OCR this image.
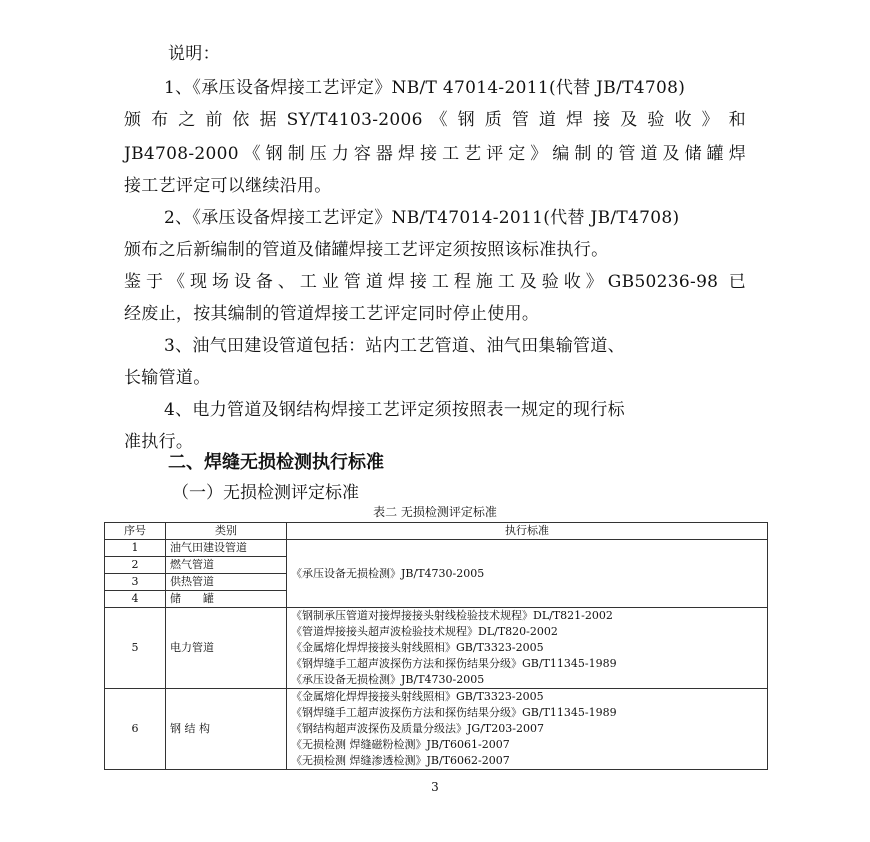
说明：
1、《承压设备焊接工艺评定》NB/T 47014-2011(代替 JB/T4708)
颁 布 之 前 依 据 SY/T4103-2006 《 钢 质 管 道 焊 接 及 验 收 》 和
JB4708-2000《钢制压力容器焊接工艺评定》编制的管道及储罐焊
接工艺评定可以继续沿用。
2、《承压设备焊接工艺评定》NB/T47014-2011(代替 JB/T4708)
颁布之后新编制的管道及储罐焊接工艺评定须按照该标准执行。
鉴于《现场设备、工业管道焊接工程施工及验收》GB50236-98 已
经废止，按其编制的管道焊接工艺评定同时停止使用。
3、油气田建设管道包括：站内工艺管道、油气田集输管道、
长输管道。
4、电力管道及钢结构焊接工艺评定须按照表一规定的现行标
准执行。
二、焊缝无损检测执行标准
（一）无损检测评定标准
表二 无损检测评定标准
序号	类别	执行标准
1	油气田建设管道	《承压设备无损检测》JB/T4730-2005

2	燃气管道	
3	供热管道	
4	储　　罐	
5	电力管道	《钢制承压管道对接焊接接头射线检验技术规程》DL/T821-2002
《管道焊接接头超声波检验技术规程》DL/T820-2002
《金属熔化焊焊接接头射线照相》GB/T3323-2005
《钢焊缝手工超声波探伤方法和探伤结果分级》GB/T11345-1989
《承压设备无损检测》JB/T4730-2005

6	钢 结 构	《金属熔化焊焊接接头射线照相》GB/T3323-2005
《钢焊缝手工超声波探伤方法和探伤结果分级》GB/T11345-1989
《钢结构超声波探伤及质量分级法》JG/T203-2007
《无损检测 焊缝磁粉检测》JB/T6061-2007
《无损检测 焊缝渗透检测》JB/T6062-2007
3
